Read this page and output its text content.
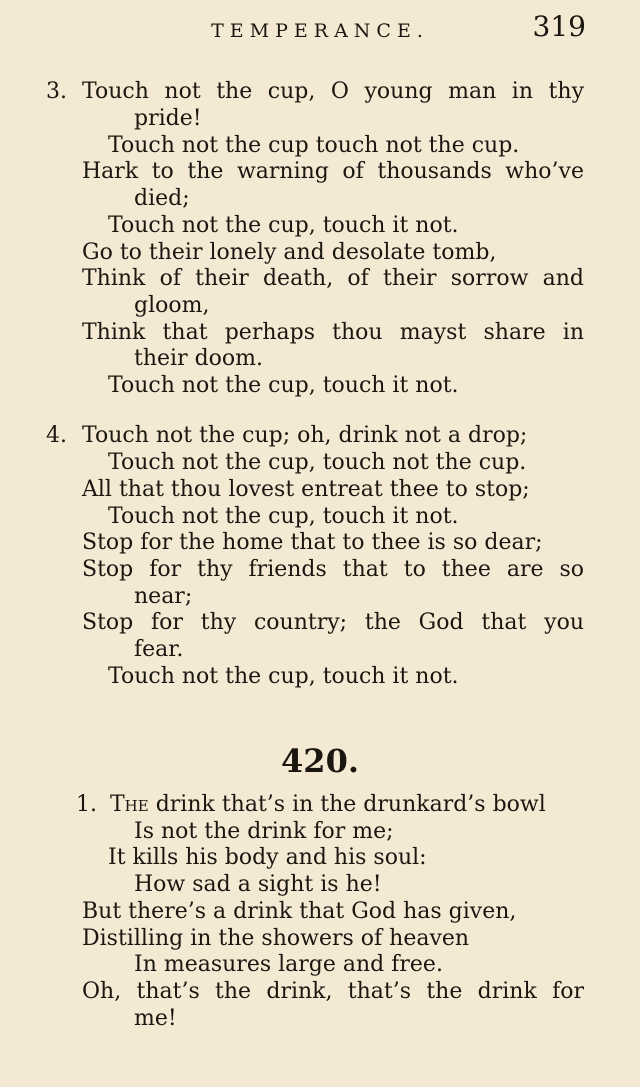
TEMPERANCE.	319
3. Touch not the cup, O young man in thy
pride!
Touch not the cup touch not the cup.
Hark to the warning of thousands who’ve
died;
Touch not the cup, touch it not.
Go to their lonely and desolate tomb,
Think of their death, of their sorrow and
gloom,
Think that perhaps thou mayst share in
their doom.
Touch not the cup, touch it not.
4. Touch not the cup; oh, drink not a drop;
Touch not the cup, touch not the cup.
All that thou lovest entreat thee to stop;
Touch not the cup, touch it not.
Stop for the home that to thee is so dear;
Stop for thy friends that to thee are so
near;
Stop for thy country; the God that you
fear.
Touch not the cup, touch it not.
420.
1. The drink that’s in the drunkard’s bowl
Is not the drink for me;
It kills his body and his soul:
How sad a sight is he!
But there’s a drink that God has given,
Distilling in the showers of heaven
In measures large and free.
Oh, that’s the drink, that’s the drink for
me!
